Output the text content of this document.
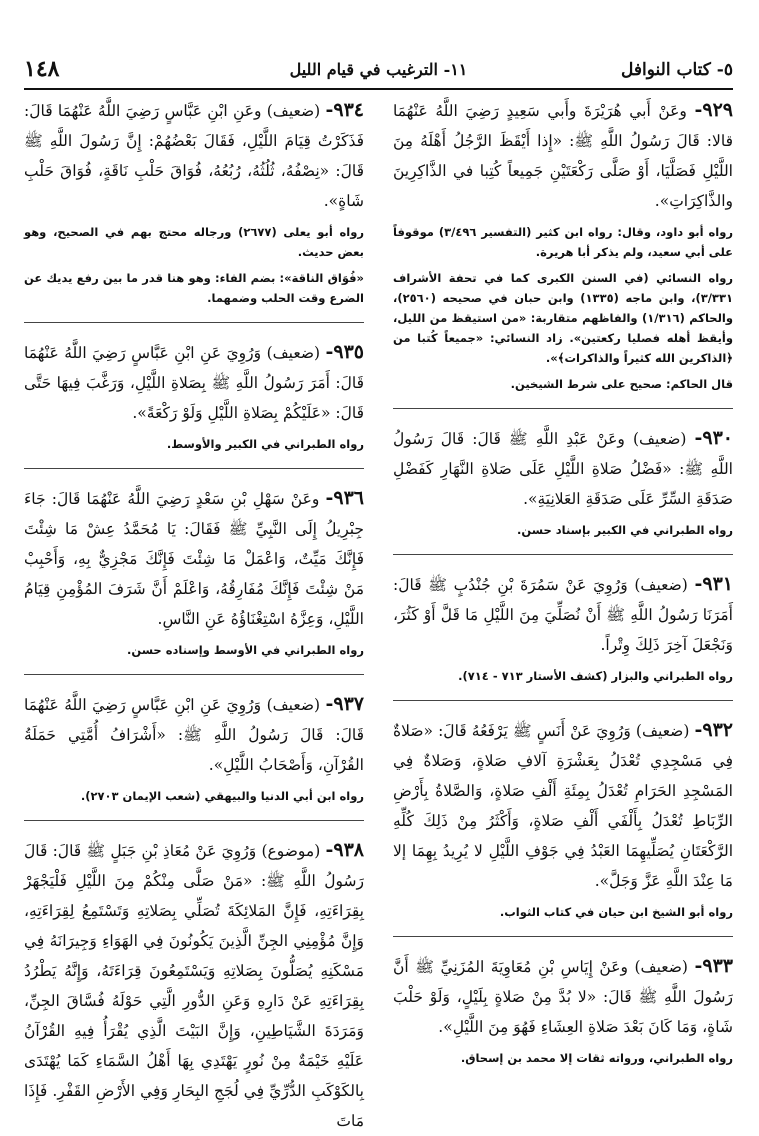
٥- كتاب النوافل
١١- الترغيب في قيام الليل
١٤٨

٩٢٩- وعَنْ أَبي هُرَيْرَةَ وأَبي سَعِيدٍ رَضِيَ اللَّهُ عَنْهُمَا قالا: قَالَ رَسُولُ اللَّهِ ﷺ: «إِذا أَيْقَظَ الرَّجُلُ أَهْلَهُ مِنَ اللَّيْلِ فَصَلَّيَا، أَوْ صَلَّى رَكْعَتَيْنِ جَمِيعاً كُتِبا في الذَّاكِرِينَ والذَّاكِرَاتِ».

رواه أبو داود، وقال: رواه ابن كثير (التفسير ٣/٤٩٦) موقوفاً على أبي سعيد، ولم يذكر أبا هريرة.

رواه النسائي (في السنن الكبرى كما في تحفة الأشراف ٣/٣٣١)، وابن ماجه (١٣٣٥) وابن حبان في صحيحه (٢٥٦٠)، والحاكم (١/٣١٦) والفاظهم متقاربة: «من استيقظ من الليل، وأيقظ أهله فصليا ركعتين». زاد النسائي: «جميعاً كُتبا من ﴿الذاكرين الله كثيراً والذاكرات﴾».

قال الحاكم: صحيح على شرط الشيخين.

٩٣٠- (ضعيف) وعَنْ عَبْدِ اللَّهِ ﷺ قَالَ: قَالَ رَسُولُ اللَّهِ ﷺ: «فَضْلُ صَلاةِ اللَّيْلِ عَلَى صَلاةِ النَّهَارِ كَفَضْلِ صَدَقَةِ السِّرِّ عَلَى صَدَقَةِ العَلانِيَةِ».

رواه الطبراني في الكبير بإسناد حسن.

٩٣١- (ضعيف) وَرُوِيَ عَنْ سَمُرَةَ بْنِ جُنْدُبٍ ﷺ قَالَ: أَمَرَنَا رَسُولُ اللَّهِ ﷺ أَنْ نُصَلِّيَ مِنَ اللَّيْلِ مَا قَلَّ أَوْ كَثُرَ، وَنَجْعَلَ آخِرَ ذَلِكَ وِتْراً.

رواه الطبراني والبزار (كشف الأستار ٧١٣ - ٧١٤).

٩٣٢- (ضعيف) وَرُوِيَ عَنْ أَنَسٍ ﷺ يَرْفَعُهُ قَالَ: «صَلاةٌ فِي مَسْجِدِي تُعْدَلُ بِعَشْرَةِ آلافِ صَلاةٍ، وَصَلاةٌ فِي المَسْجِدِ الحَرَامِ تُعْدَلُ بِمِئَةِ أَلْفِ صَلاةٍ، وَالصَّلاةُ بِأَرْضِ الرِّبَاطِ تُعْدَلُ بِأَلْفَي أَلْفِ صَلاةٍ، وَأَكْثَرُ مِنْ ذَلِكَ كُلِّهِ الرَّكْعَتَانِ يُصَلِّيهِمَا العَبْدُ فِي جَوْفِ اللَّيْلِ لا يُرِيدُ بِهِمَا إلا مَا عِنْدَ اللَّهِ عَزَّ وَجَلَّ».

رواه أبو الشيخ ابن حيان في كتاب الثواب.

٩٣٣- (ضعيف) وعَنْ إِيَاسِ بْنِ مُعَاوِيَةَ المُزَنِيِّ ﷺ أَنَّ رَسُولَ اللَّهِ ﷺ قَالَ: «لا بُدَّ مِنْ صَلاةٍ بِلَيْلٍ، وَلَوْ حَلْبَ شَاةٍ، وَمَا كَانَ بَعْدَ صَلاةِ العِشَاءِ فَهُوَ مِنَ اللَّيْلِ».

رواه الطبراني، ورواته ثقات إلا محمد بن إسحاق.

٩٣٤- (ضعيف) وعَنِ ابْنِ عَبَّاسٍ رَضِيَ اللَّهُ عَنْهُمَا قَالَ: فَذَكَرْتُ قِيَامَ اللَّيْلِ، فَقَالَ بَعْضُهُمْ: إِنَّ رَسُولَ اللَّهِ ﷺ قَالَ: «نِصْفُهُ، ثُلُثُهُ، رُبُعُهُ، فُوَاقَ حَلْبِ نَاقَةٍ، فُوَاقَ حَلْبِ شَاةٍ».

رواه أبو يعلى (٢٦٧٧) ورجاله محتج بهم في الصحيح، وهو بعض حديث.

«فُوَاق الناقة»: بضم الفاء: وهو هنا قدر ما بين رفع يديك عن الضرع وقت الحلب وضمهما.

٩٣٥- (ضعيف) وَرُوِيَ عَنِ ابْنِ عَبَّاسٍ رَضِيَ اللَّهُ عَنْهُمَا قَالَ: أَمَرَ رَسُولُ اللَّهِ ﷺ بِصَلاةِ اللَّيْلِ، وَرَغَّبَ فِيهَا حَتَّى قَالَ: «عَلَيْكُمْ بِصَلاةِ اللَّيْلِ وَلَوْ رَكْعَةً».

رواه الطبراني في الكبير والأوسط.

٩٣٦- وعَنْ سَهْلِ بْنِ سَعْدٍ رَضِيَ اللَّهُ عَنْهُمَا قَالَ: جَاءَ جِبْرِيلُ إِلَى النَّبِيِّ ﷺ فَقَالَ: يَا مُحَمَّدُ عِشْ مَا شِئْتَ فَإِنَّكَ مَيِّتٌ، وَاعْمَلْ مَا شِئْتَ فَإِنَّكَ مَجْزِيٌّ بِهِ، وَأَحْبِبْ مَنْ شِئْتَ فَإِنَّكَ مُفَارِقُهُ، وَاعْلَمْ أَنَّ شَرَفَ المُؤْمِنِ قِيَامُ اللَّيْلِ، وَعِزَّهُ اسْتِغْنَاؤُهُ عَنِ النَّاسِ.

رواه الطبراني في الأوسط وإسناده حسن.

٩٣٧- (ضعيف) وَرُوِيَ عَنِ ابْنِ عَبَّاسٍ رَضِيَ اللَّهُ عَنْهُمَا قَالَ: قَالَ رَسُولُ اللَّهِ ﷺ: «أَشْرَافُ أُمَّتِي حَمَلَةُ القُرْآنِ، وَأَصْحَابُ اللَّيْلِ».

رواه ابن أبي الدنيا والبيهقي (شعب الإيمان ٢٧٠٣).

٩٣٨- (موضوع) وَرُوِيَ عَنْ مُعَاذِ بْنِ جَبَلٍ ﷺ قَالَ: قَالَ رَسُولُ اللَّهِ ﷺ: «مَنْ صَلَّى مِنْكُمْ مِنَ اللَّيْلِ فَلْيَجْهَرْ بِقِرَاءَتِهِ، فَإِنَّ المَلائِكَةَ تُصَلِّي بِصَلاتِهِ وَتَسْتَمِعُ لِقِرَاءَتِهِ، وَإِنَّ مُؤْمِنِي الجِنِّ الَّذِينَ يَكُونُونَ فِي الهَوَاءِ وَجِيرَانَهُ فِي مَسْكَنِهِ يُصَلُّونَ بِصَلاتِهِ وَيَسْتَمِعُونَ قِرَاءَتَهُ، وَإِنَّهُ يَطْرُدُ بِقِرَاءَتِهِ عَنْ دَارِهِ وَعَنِ الدُّورِ الَّتِي حَوْلَهُ فُسَّاقَ الجِنِّ، وَمَرَدَةَ الشَّيَاطِينِ، وَإِنَّ البَيْتَ الَّذِي يُقْرَأُ فِيهِ القُرْآنُ عَلَيْهِ خَيْمَةٌ مِنْ نُورٍ يَهْتَدِي بِهَا أَهْلُ السَّمَاءِ كَمَا يُهْتَدَى بِالكَوْكَبِ الدُّرِّيِّ فِي لُجَجِ البِحَارِ وَفِي الأَرْضِ القَفْرِ. فَإِذَا مَاتَ
